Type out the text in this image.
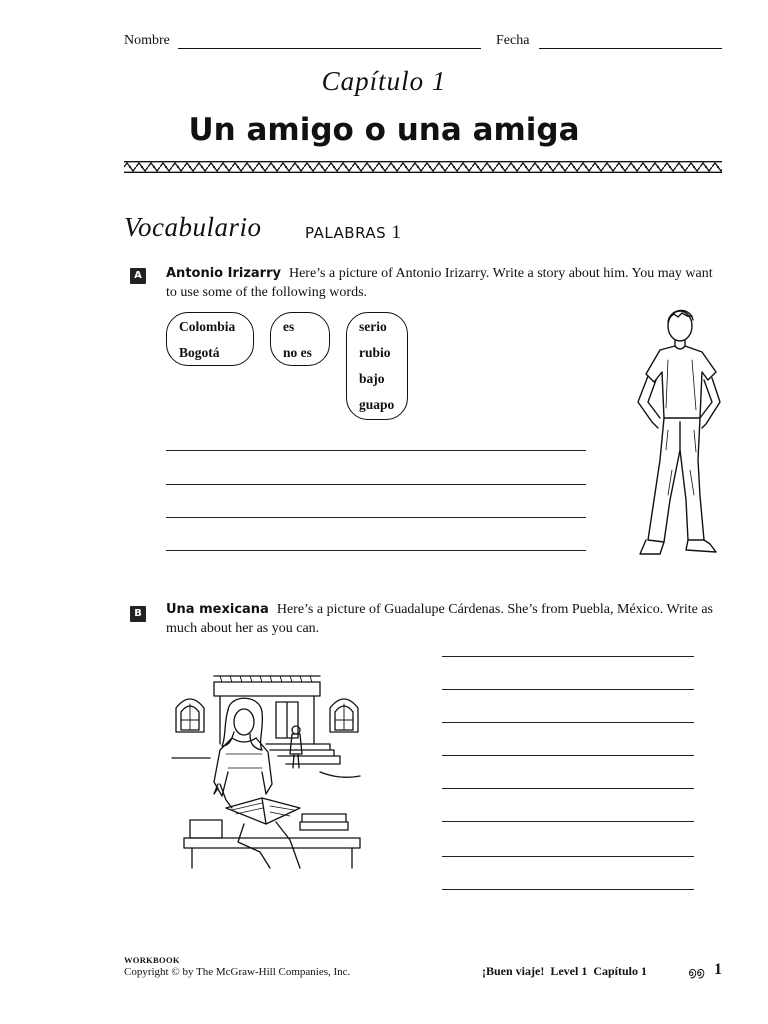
Nombre	Fecha
Capítulo 1
Un amigo o una amiga
Vocabulario	PALABRAS 1
A	Antonio Irizarry Here’s a picture of Antonio Irizarry. Write a story about him. You may want to use some of the following words.
Colombia
Bogotá
es
no es
serio
rubio
bajo
guapo
B	Una mexicana Here’s a picture of Guadalupe Cárdenas. She’s from Puebla, México. Write as much about her as you can.
WORKBOOK
Copyright © by The McGraw-Hill Companies, Inc.	¡Buen viaje!  Level 1  Capítulo 1	൭൭ 1
